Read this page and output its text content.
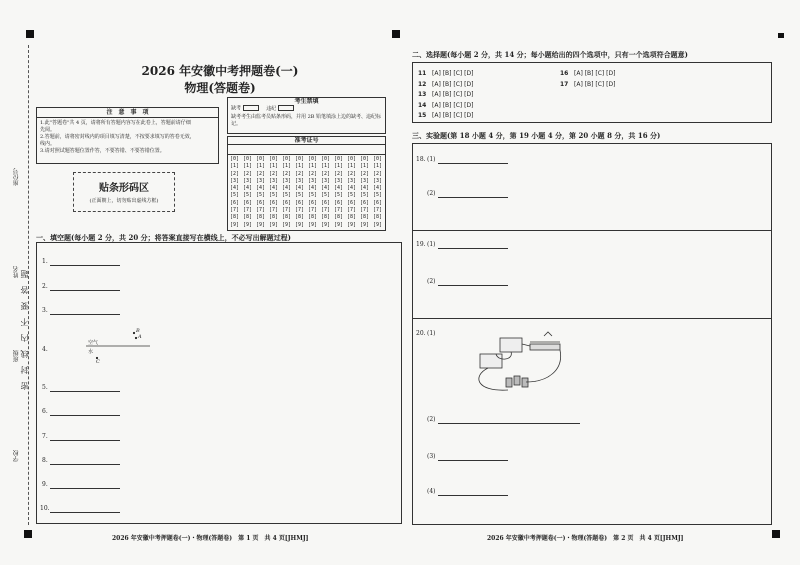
座位号
姓名 密　封　线　内　不　要　答　题
班级
学校
2026 年安徽中考押题卷(一)
物理(答题卷)
注　意　事　项
1.此"答题卷"共 4 页，请将所有答题内容写在此卷上，答题前请仔细
先阅。
2.答题前，请将密封线内的项目填写清楚，不按要求填写的答卷无效，
线内。
3.请对照试题答题位置作答，不要答错、不要答错位置。
贴条形码区
(正面朝上，切勿贴出虚线方框)
考生禁填
缺考	违纪
缺考考生由监考员贴条形码，并用 2B 铅笔填涂上边的缺考、违纪标记。
准考证号
[0]
[1]
[2]
[3]
[4]
[5]
[6]
[7]
[8]
[9]
[0]
[1]
[2]
[3]
[4]
[5]
[6]
[7]
[8]
[9]
[0]
[1]
[2]
[3]
[4]
[5]
[6]
[7]
[8]
[9]
[0]
[1]
[2]
[3]
[4]
[5]
[6]
[7]
[8]
[9]
[0]
[1]
[2]
[3]
[4]
[5]
[6]
[7]
[8]
[9]
[0]
[1]
[2]
[3]
[4]
[5]
[6]
[7]
[8]
[9]
[0]
[1]
[2]
[3]
[4]
[5]
[6]
[7]
[8]
[9]
[0]
[1]
[2]
[3]
[4]
[5]
[6]
[7]
[8]
[9]
[0]
[1]
[2]
[3]
[4]
[5]
[6]
[7]
[8]
[9]
[0]
[1]
[2]
[3]
[4]
[5]
[6]
[7]
[8]
[9]
[0]
[1]
[2]
[3]
[4]
[5]
[6]
[7]
[8]
[9]
[0]
[1]
[2]
[3]
[4]
[5]
[6]
[7]
[8]
[9]
一、填空题(每小题 2 分，共 20 分；将答案直接写在横线上，不必写出解题过程)
1.
2.
3.
4.
空气
水
B
A
C
5.
6.
7.
8.
9.
10.
二、选择题(每小题 2 分，共 14 分；每小题给出的四个选项中，只有一个选项符合题意)
11 [A] [B] [C] [D]
12 [A] [B] [C] [D]
13 [A] [B] [C] [D]
14 [A] [B] [C] [D]
15 [A] [B] [C] [D]
16 [A] [B] [C] [D]
17 [A] [B] [C] [D]
三、实验题(第 18 小题 4 分，第 19 小题 4 分，第 20 小题 8 分，共 16 分)
18. (1)
(2)
19. (1)
(2)
20. (1)
(2)
(3)
(4)
2026 年安徽中考押题卷(一)・物理(答题卷)　第 1 页　共 4 页[JHMJ]	2026 年安徽中考押题卷(一)・物理(答题卷)　第 2 页　共 4 页[JHMJ]
